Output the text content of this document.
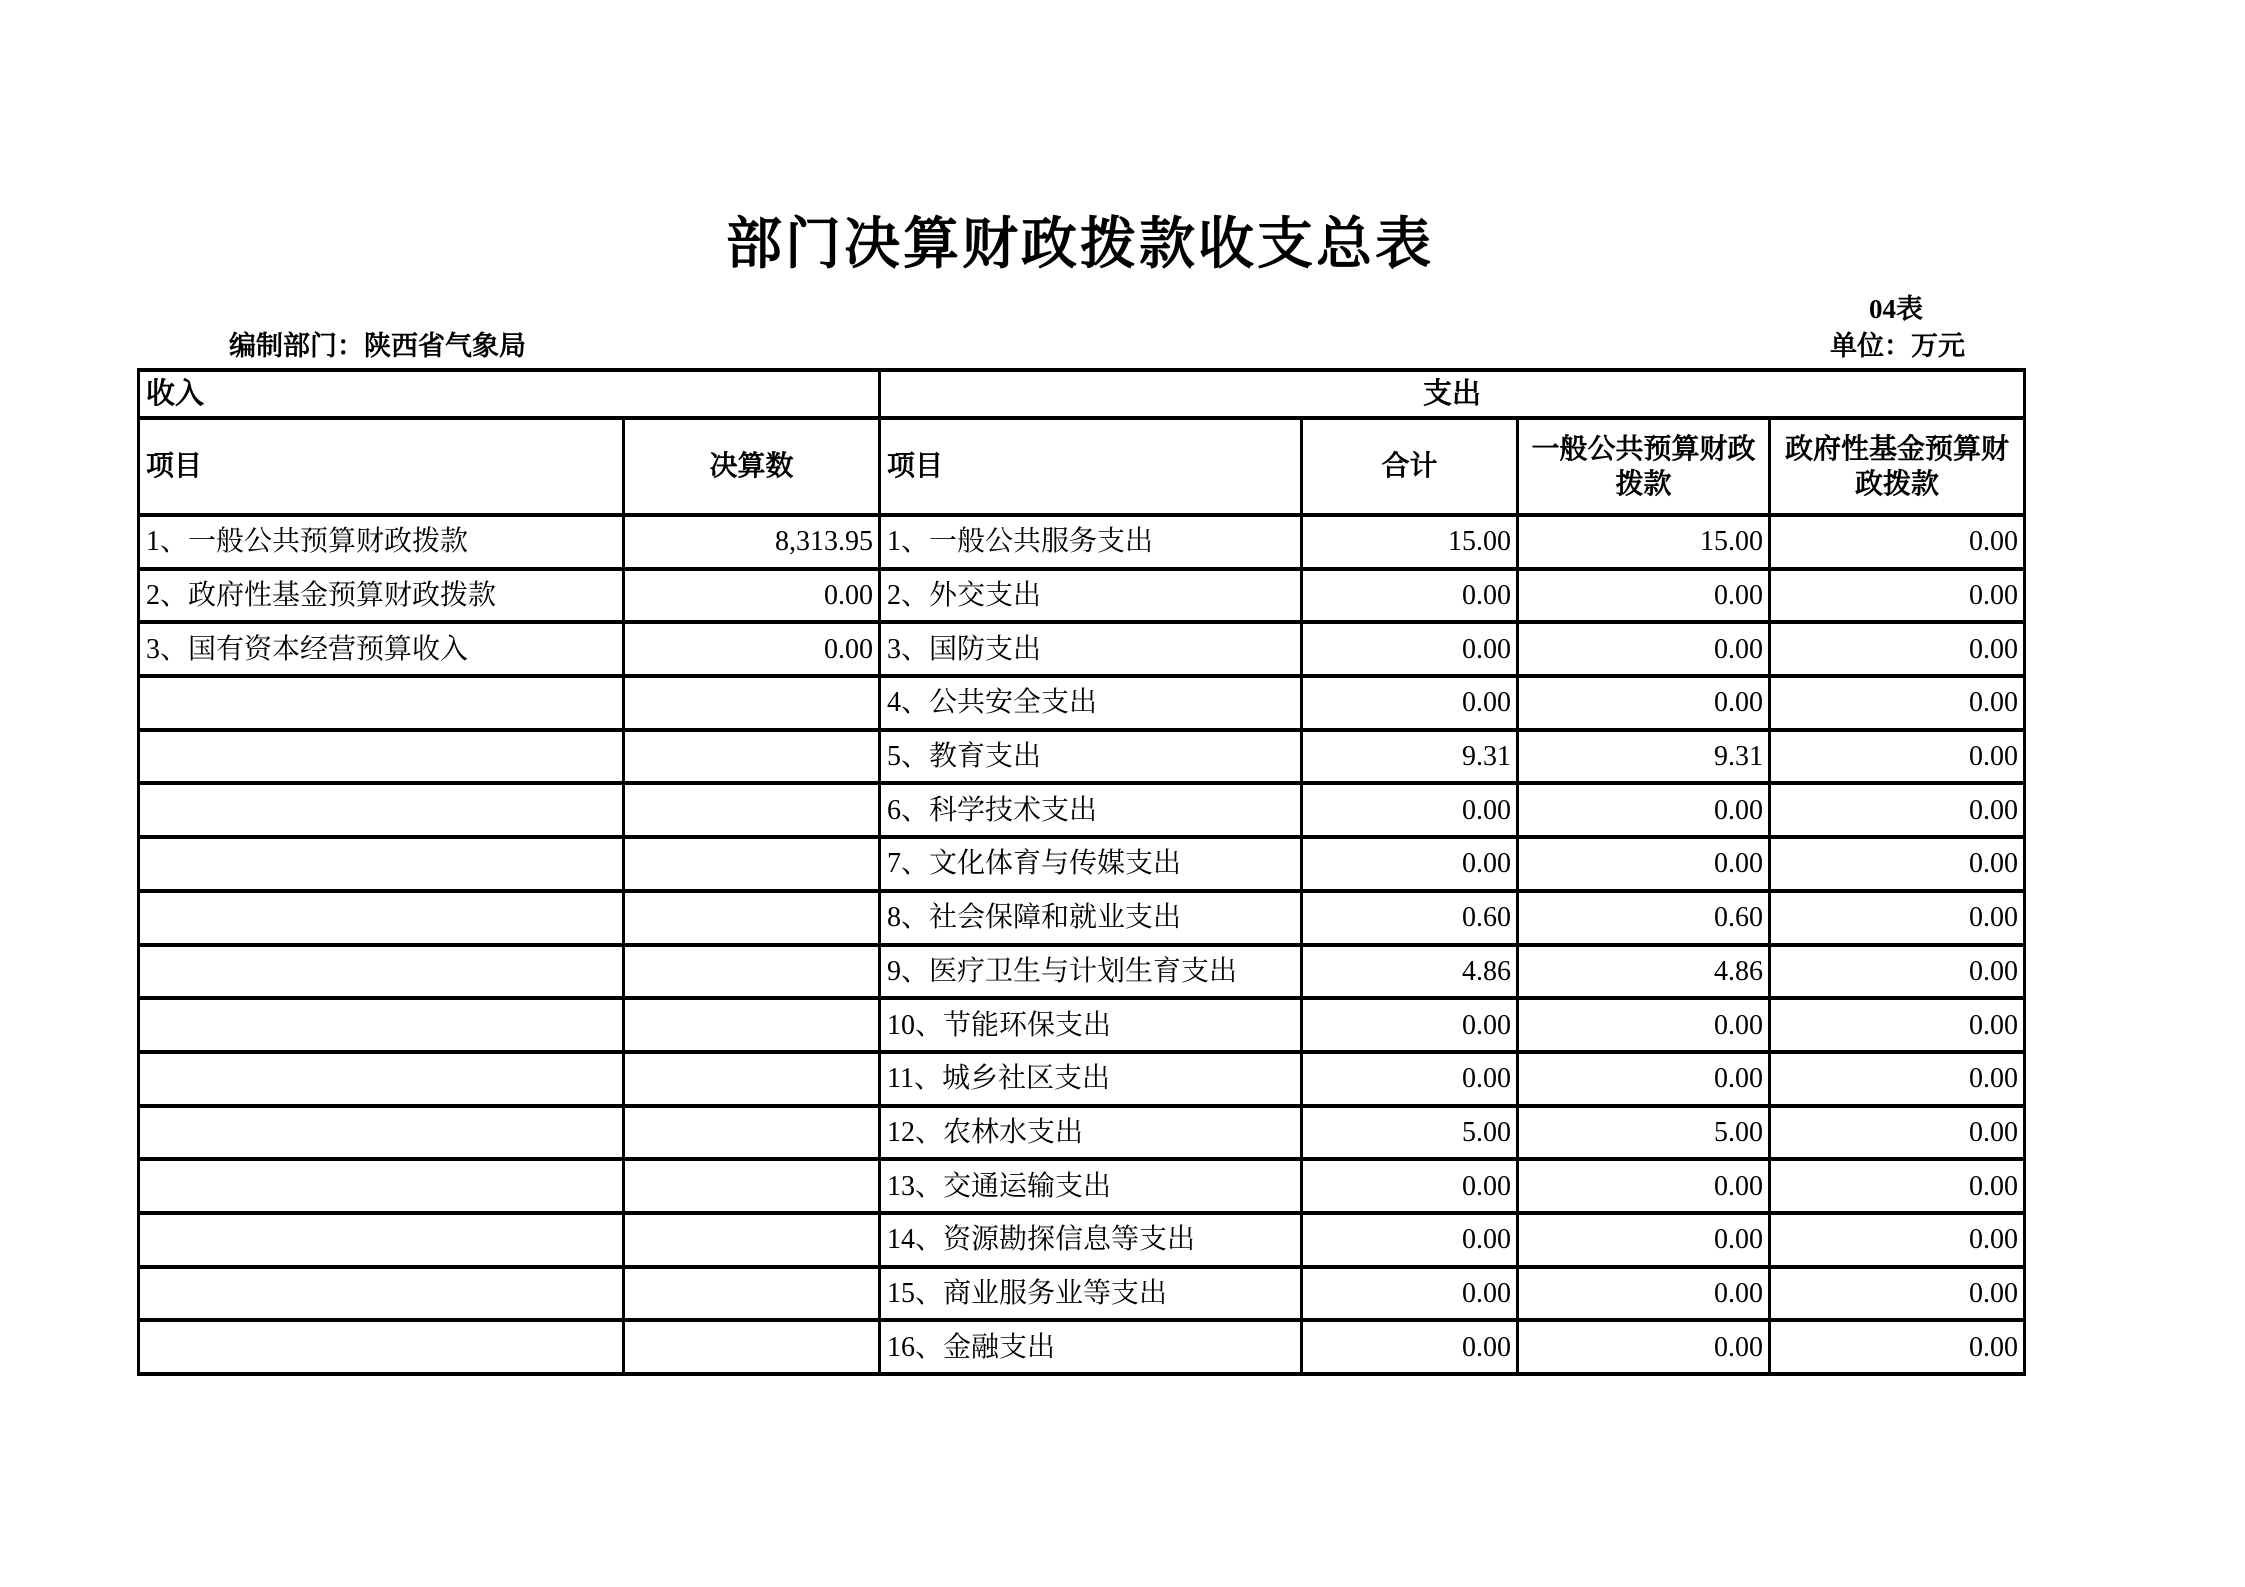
部门决算财政拨款收支总表
04表
编制部门：陕西省气象局	单位：万元
收入		支出			
项目	决算数	项目	合计	一般公共预算财政拨款	政府性基金预算财政拨款
1、一般公共预算财政拨款	8,313.95	1、一般公共服务支出	15.00	15.00	0.00
2、政府性基金预算财政拨款	0.00	2、外交支出	0.00	0.00	0.00
3、国有资本经营预算收入	0.00	3、国防支出	0.00	0.00	0.00
		4、公共安全支出	0.00	0.00	0.00
		5、教育支出	9.31	9.31	0.00
		6、科学技术支出	0.00	0.00	0.00
		7、文化体育与传媒支出	0.00	0.00	0.00
		8、社会保障和就业支出	0.60	0.60	0.00
		9、医疗卫生与计划生育支出	4.86	4.86	0.00
		10、节能环保支出	0.00	0.00	0.00
		11、城乡社区支出	0.00	0.00	0.00
		12、农林水支出	5.00	5.00	0.00
		13、交通运输支出	0.00	0.00	0.00
		14、资源勘探信息等支出	0.00	0.00	0.00
		15、商业服务业等支出	0.00	0.00	0.00
		16、金融支出	0.00	0.00	0.00
